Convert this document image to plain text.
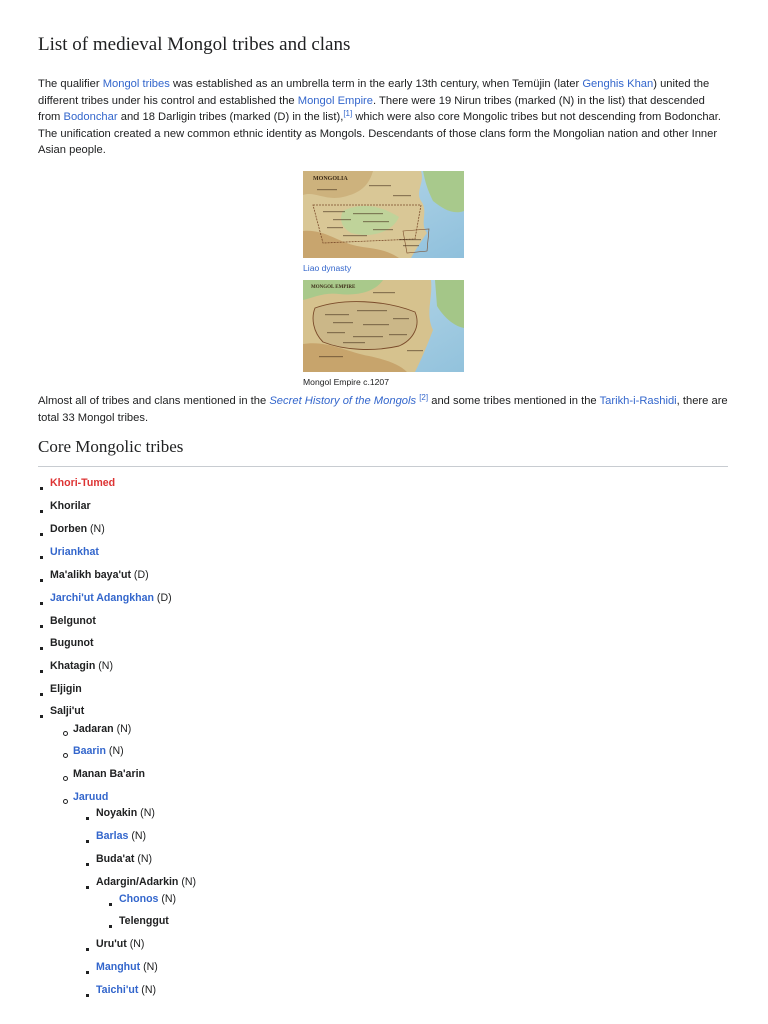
List of medieval Mongol tribes and clans

The qualifier Mongol tribes was established as an umbrella term in the early 13th century, when Temüjin (later Genghis Khan) united the different tribes under his control and established the Mongol Empire. There were 19 Nirun tribes (marked (N) in the list) that descended from Bodonchar and 18 Darligin tribes (marked (D) in the list),[1] which were also core Mongolic tribes but not descending from Bodonchar. The unification created a new common ethnic identity as Mongols. Descendants of those clans form the Mongolian nation and other Inner Asian people.

MONGOLIA
Liao dynasty
MONGOL EMPIRE
Mongol Empire c.1207

Almost all of tribes and clans mentioned in the Secret History of the Mongols [2] and some tribes mentioned in the Tarikh-i-Rashidi, there are total 33 Mongol tribes.

Core Mongolic tribes
Khori-Tumed
Khorilar
Dorben (N)
Uriankhat
Ma'alikh baya'ut (D)
Jarchi'ut Adangkhan (D)
Belgunot
Bugunot
Khatagin (N)
Eljigin
Salji'ut
Jadaran (N)
Baarin (N)
Manan Ba'arin
Jaruud
Noyakin (N)
Barlas (N)
Buda'at (N)
Adargin/Adarkin (N)
Chonos (N)
Telenggut
Uru'ut (N)
Manghut (N)
Taichi'ut (N)
